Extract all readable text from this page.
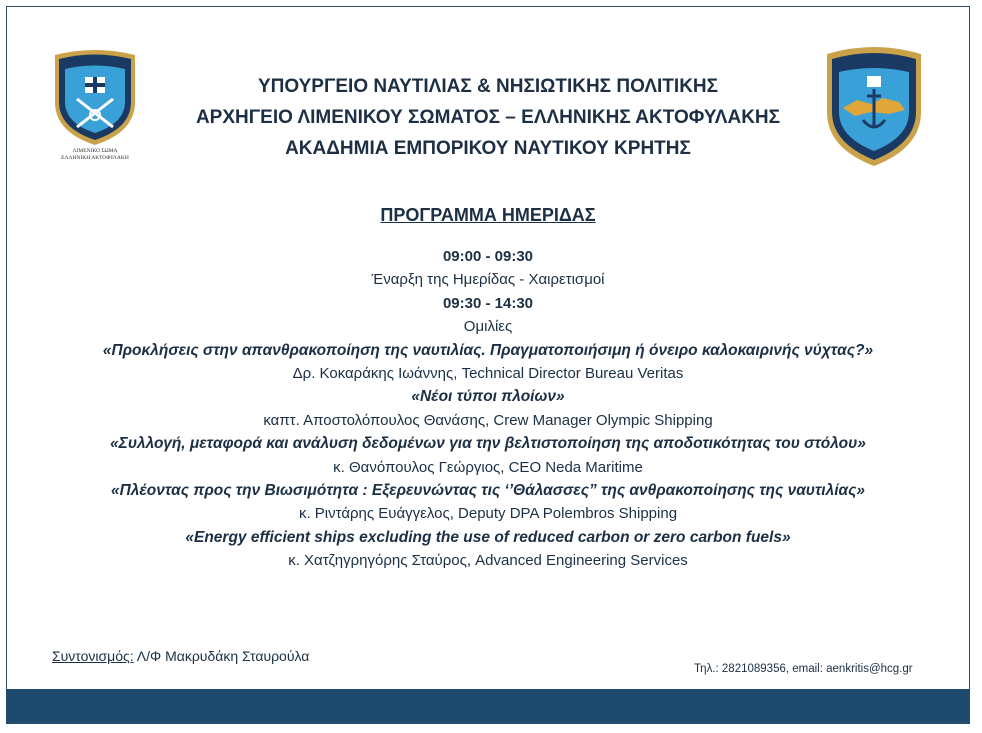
ΛΙΜΕΝΙΚΟ ΣΩΜΑ
ΕΛΛΗΝΙΚΗ ΑΚΤΟΦΥΛΑΚΗ
ΥΠΟΥΡΓΕΙΟ ΝΑΥΤΙΛΙΑΣ & ΝΗΣΙΩΤΙΚΗΣ ΠΟΛΙΤΙΚΗΣ
ΑΡΧΗΓΕΙΟ ΛΙΜΕΝΙΚΟΥ ΣΩΜΑΤΟΣ – ΕΛΛΗΝΙΚΗΣ ΑΚΤΟΦΥΛΑΚΗΣ
ΑΚΑΔΗΜΙΑ ΕΜΠΟΡΙΚΟΥ ΝΑΥΤΙΚΟΥ ΚΡΗΤΗΣ
ΠΡΟΓΡΑΜΜΑ ΗΜΕΡΙΔΑΣ
09:00 - 09:30
Έναρξη της Ημερίδας - Χαιρετισμοί
09:30 - 14:30
Ομιλίες
«Προκλήσεις στην απανθρακοποίηση της ναυτιλίας. Πραγματοποιήσιμη ή όνειρο καλοκαιρινής νύχτας?»
Δρ. Κοκαράκης Ιωάννης, Technical Director Bureau Veritas
«Νέοι τύποι πλοίων»
καπτ. Αποστολόπουλος Θανάσης, Crew Manager Olympic Shipping
«Συλλογή, μεταφορά και ανάλυση δεδομένων για την βελτιστοποίηση της αποδοτικότητας του στόλου»
κ. Θανόπουλος Γεώργιος, CEO Neda Maritime
«Πλέοντας προς την Βιωσιμότητα : Εξερευνώντας τις ‘’Θάλασσες” της ανθρακοποίησης της ναυτιλίας»
κ. Ριντάρης Ευάγγελος, Deputy DPA Polembros Shipping
«Energy efficient ships excluding the use of reduced carbon or zero carbon fuels»
κ. Χατζηγρηγόρης Σταύρος, Advanced Engineering Services
Συντονισμός: Λ/Φ Μακρυδάκη Σταυρούλα
Τηλ.: 2821089356, email: aenkritis@hcg.gr
